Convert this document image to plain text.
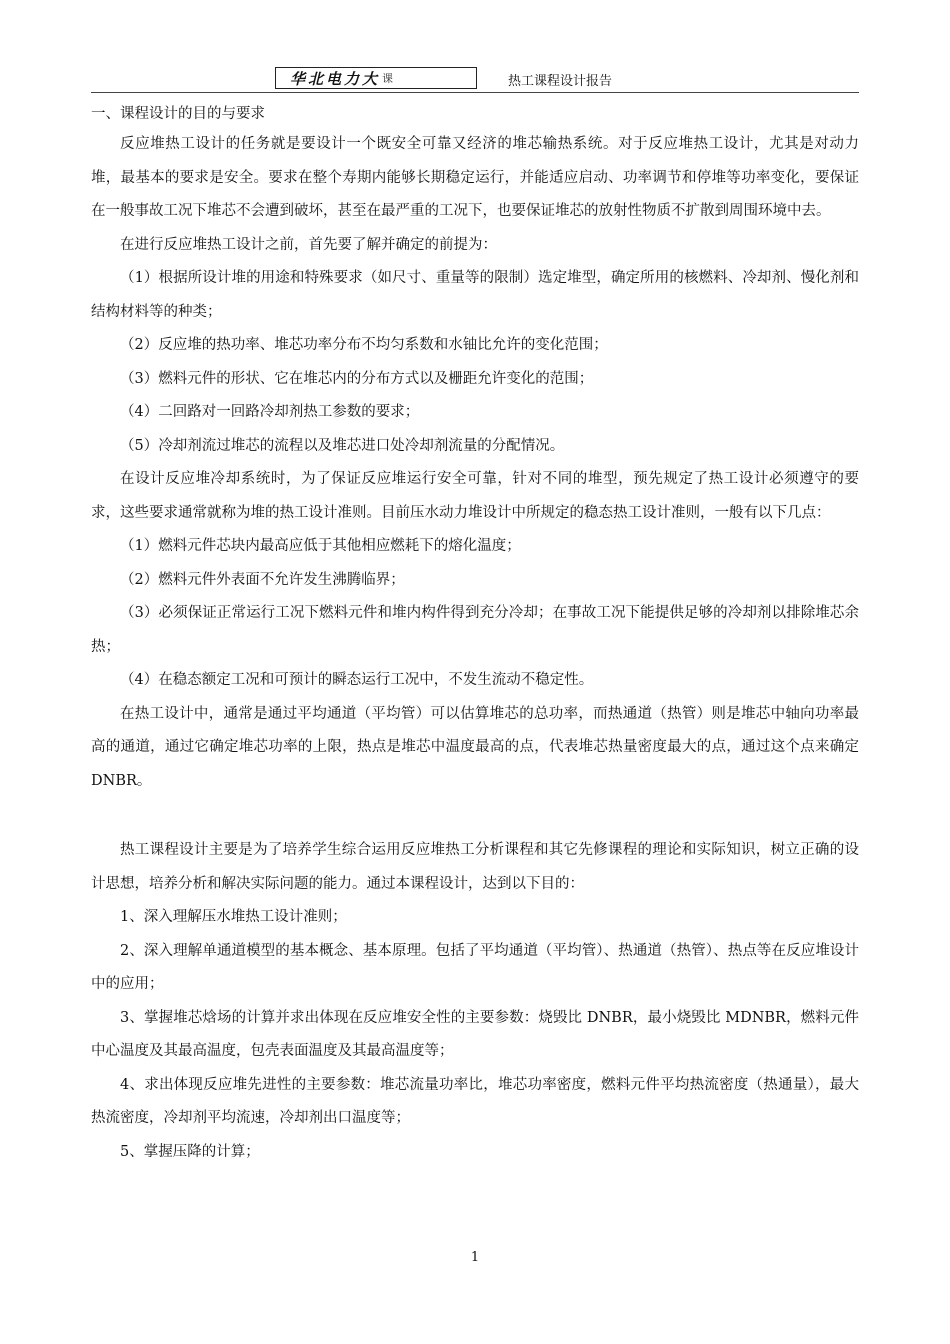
华北电力大 课	热工课程设计报告

一、课程设计的目的与要求

反应堆热工设计的任务就是要设计一个既安全可靠又经济的堆芯输热系统。对于反应堆热工设计，尤其是对动力堆，最基本的要求是安全。要求在整个寿期内能够长期稳定运行，并能适应启动、功率调节和停堆等功率变化，要保证在一般事故工况下堆芯不会遭到破坏，甚至在最严重的工况下，也要保证堆芯的放射性物质不扩散到周围环境中去。

在进行反应堆热工设计之前，首先要了解并确定的前提为：

（1）根据所设计堆的用途和特殊要求（如尺寸、重量等的限制）选定堆型，确定所用的核燃料、冷却剂、慢化剂和结构材料等的种类；

（2）反应堆的热功率、堆芯功率分布不均匀系数和水铀比允许的变化范围；

（3）燃料元件的形状、它在堆芯内的分布方式以及栅距允许变化的范围；

（4）二回路对一回路冷却剂热工参数的要求；

（5）冷却剂流过堆芯的流程以及堆芯进口处冷却剂流量的分配情况。

在设计反应堆冷却系统时，为了保证反应堆运行安全可靠，针对不同的堆型，预先规定了热工设计必须遵守的要求，这些要求通常就称为堆的热工设计准则。目前压水动力堆设计中所规定的稳态热工设计准则，一般有以下几点：

（1）燃料元件芯块内最高应低于其他相应燃耗下的熔化温度；

（2）燃料元件外表面不允许发生沸腾临界；

（3）必须保证正常运行工况下燃料元件和堆内构件得到充分冷却；在事故工况下能提供足够的冷却剂以排除堆芯余热；

（4）在稳态额定工况和可预计的瞬态运行工况中，不发生流动不稳定性。

在热工设计中，通常是通过平均通道（平均管）可以估算堆芯的总功率，而热通道（热管）则是堆芯中轴向功率最高的通道，通过它确定堆芯功率的上限，热点是堆芯中温度最高的点，代表堆芯热量密度最大的点，通过这个点来确定 DNBR。

热工课程设计主要是为了培养学生综合运用反应堆热工分析课程和其它先修课程的理论和实际知识，树立正确的设计思想，培养分析和解决实际问题的能力。通过本课程设计，达到以下目的：

1、深入理解压水堆热工设计准则；

2、深入理解单通道模型的基本概念、基本原理。包括了平均通道（平均管）、热通道（热管）、热点等在反应堆设计中的应用；

3、掌握堆芯焓场的计算并求出体现在反应堆安全性的主要参数：烧毁比 DNBR，最小烧毁比 MDNBR，燃料元件中心温度及其最高温度，包壳表面温度及其最高温度等；

4、求出体现反应堆先进性的主要参数：堆芯流量功率比，堆芯功率密度，燃料元件平均热流密度（热通量），最大热流密度，冷却剂平均流速，冷却剂出口温度等；

5、掌握压降的计算；

1
